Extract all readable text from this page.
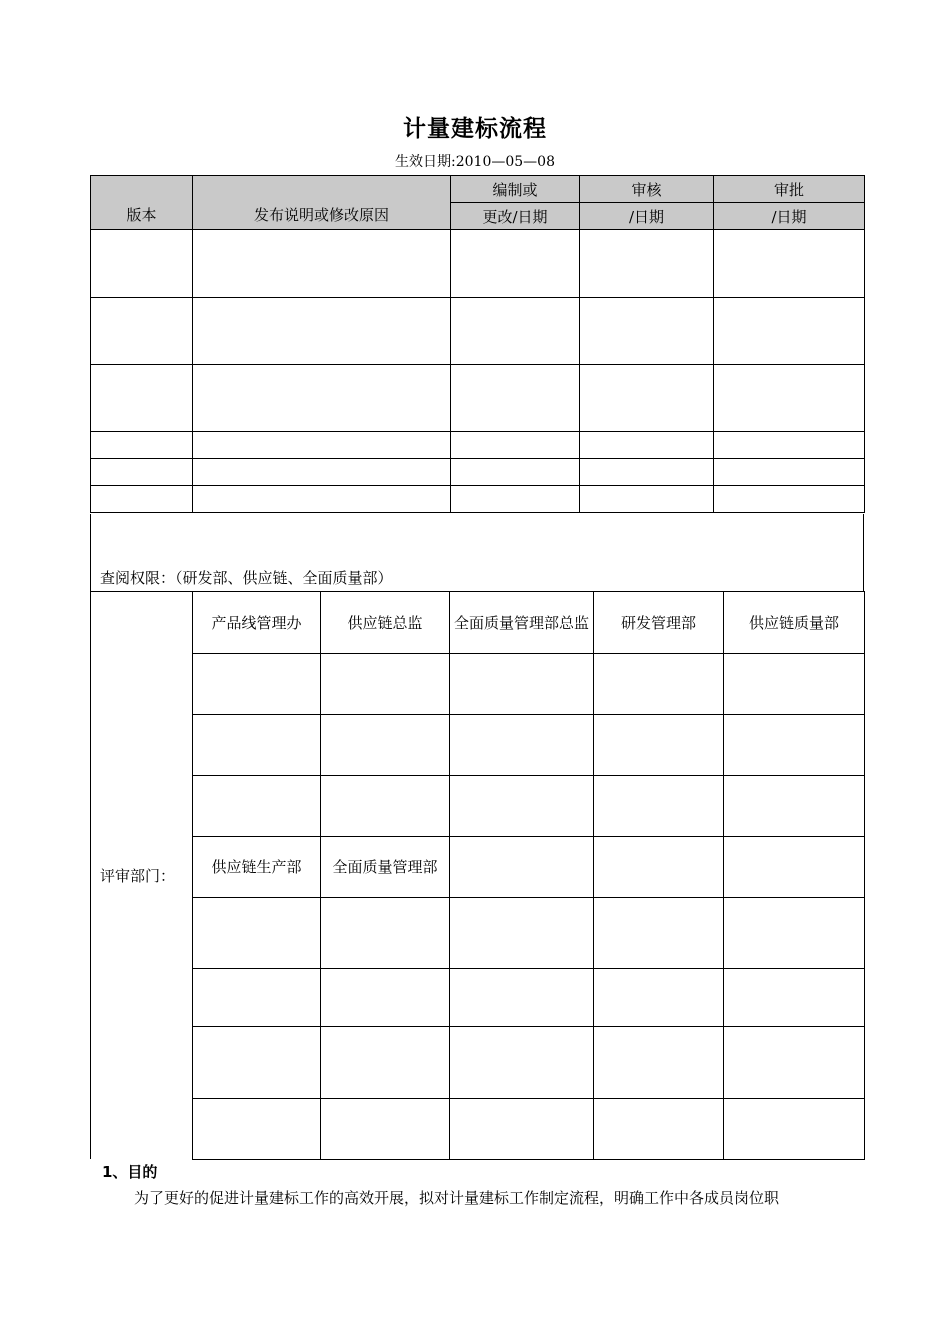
计量建标流程
生效日期:2010—05—08
版本	发布说明或修改原因	编制或	审核	审批
		更改/日期	/日期	/日期

查阅权限：（研发部、供应链、全面质量部）
评审部门：
产品线管理办	供应链总监	全面质量管理部总监	研发管理部	供应链质量部

供应链生产部	全面质量管理部			

1、目的
为了更好的促进计量建标工作的高效开展，拟对计量建标工作制定流程，明确工作中各成员岗位职
